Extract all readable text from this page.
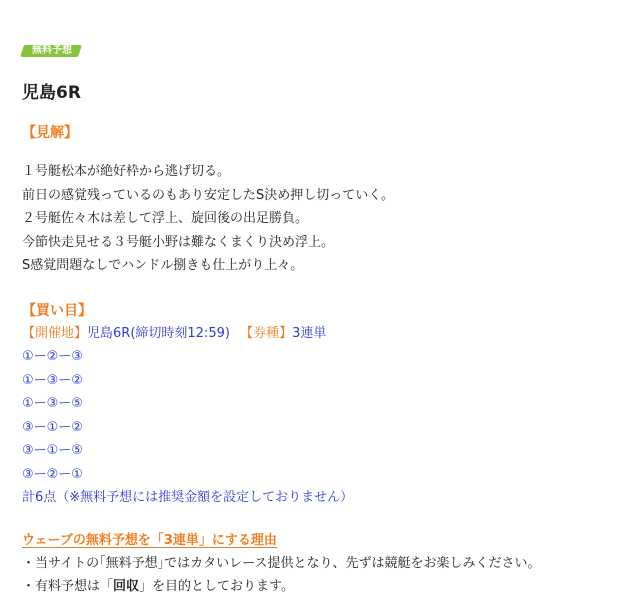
無料予想
児島6R
【見解】
１号艇松本が絶好枠から逃げ切る。
前日の感覚残っているのもあり安定したS決め押し切っていく。
２号艇佐々木は差して浮上、旋回後の出足勝負。
今節快走見せる３号艇小野は難なくまくり決め浮上。
S感覚問題なしでハンドル捌きも仕上がり上々。
【買い目】
【開催地】児島6R(締切時刻12:59) 【券種】3連単
①ー②ー③
①ー③ー②
①ー③ー⑤
③ー①ー②
③ー①ー⑤
③ー②ー①
計6点（※無料予想には推奨金額を設定しておりません）
ウェーブの無料予想を「3連単」にする理由
・当サイトの｢無料予想｣ではカタいレース提供となり、先ずは競艇をお楽しみください。
・有料予想は「回収」を目的としております。
